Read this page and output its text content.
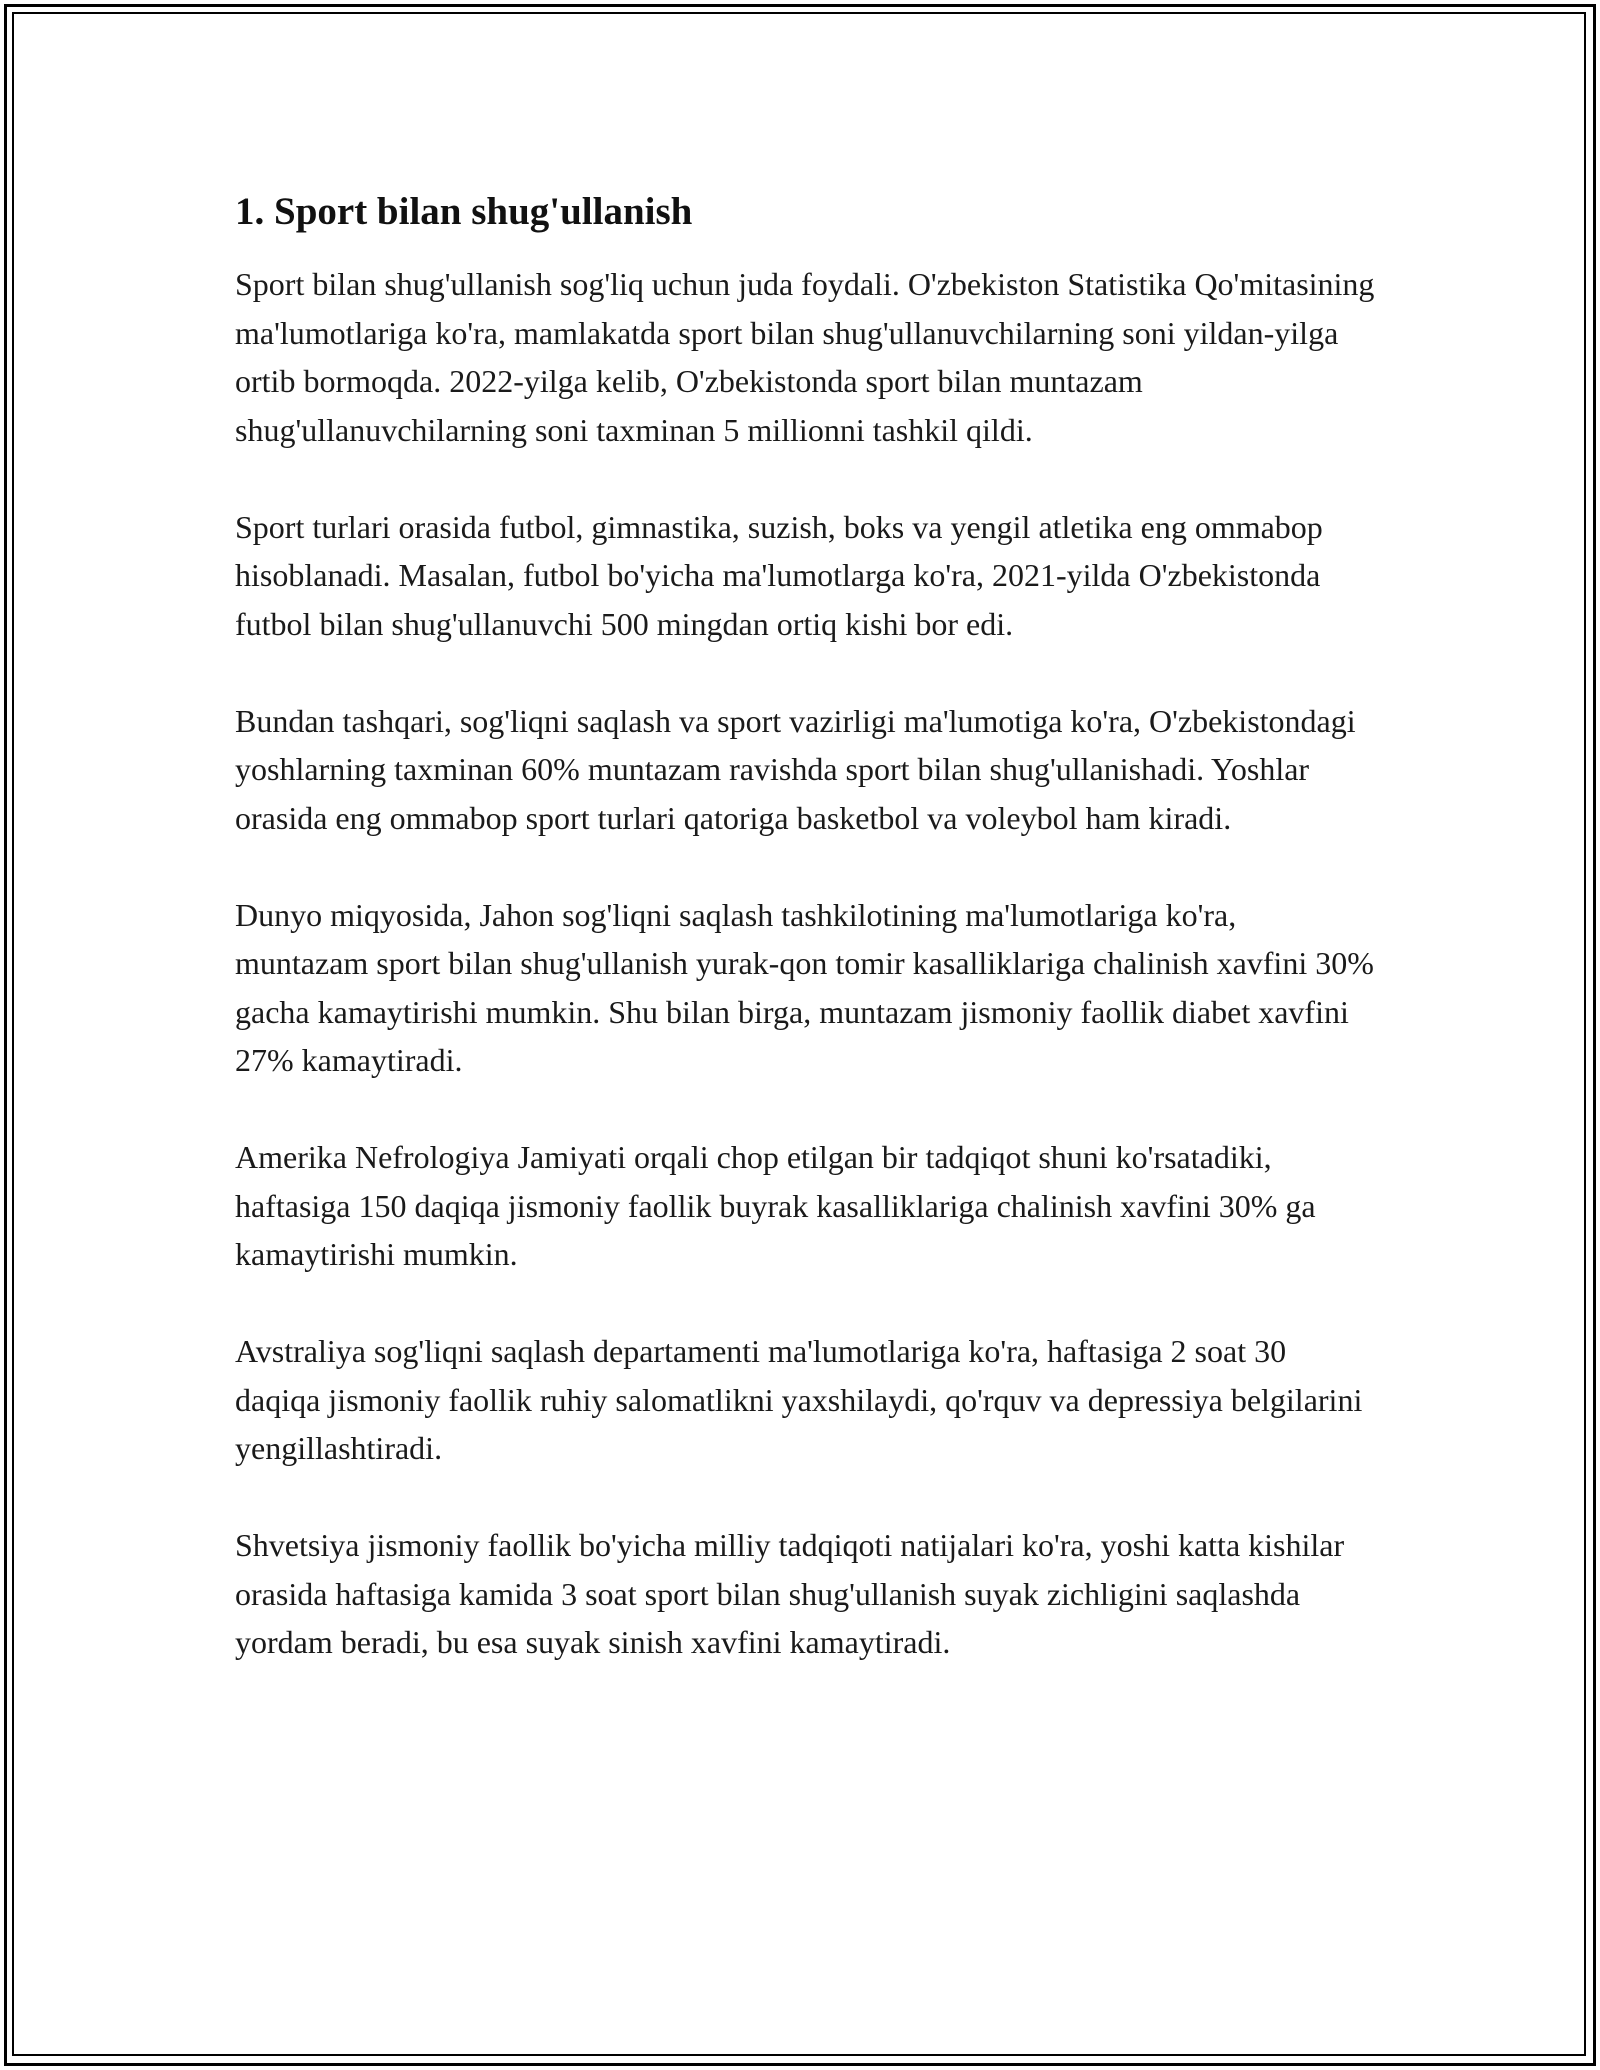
1. Sport bilan shug'ullanish

Sport bilan shug'ullanish sog'liq uchun juda foydali. O'zbekiston Statistika Qo'mitasining ma'lumotlariga ko'ra, mamlakatda sport bilan shug'ullanuvchilarning soni yildan-yilga ortib bormoqda. 2022-yilga kelib, O'zbekistonda sport bilan muntazam shug'ullanuvchilarning soni taxminan 5 millionni tashkil qildi.

Sport turlari orasida futbol, gimnastika, suzish, boks va yengil atletika eng ommabop hisoblanadi. Masalan, futbol bo'yicha ma'lumotlarga ko'ra, 2021-yilda O'zbekistonda futbol bilan shug'ullanuvchi 500 mingdan ortiq kishi bor edi.

Bundan tashqari, sog'liqni saqlash va sport vazirligi ma'lumotiga ko'ra, O'zbekistondagi yoshlarning taxminan 60% muntazam ravishda sport bilan shug'ullanishadi. Yoshlar orasida eng ommabop sport turlari qatoriga basketbol va voleybol ham kiradi.

Dunyo miqyosida, Jahon sog'liqni saqlash tashkilotining ma'lumotlariga ko'ra, muntazam sport bilan shug'ullanish yurak-qon tomir kasalliklariga chalinish xavfini 30% gacha kamaytirishi mumkin. Shu bilan birga, muntazam jismoniy faollik diabet xavfini 27% kamaytiradi.

Amerika Nefrologiya Jamiyati orqali chop etilgan bir tadqiqot shuni ko'rsatadiki, haftasiga 150 daqiqa jismoniy faollik buyrak kasalliklariga chalinish xavfini 30% ga kamaytirishi mumkin.

Avstraliya sog'liqni saqlash departamenti ma'lumotlariga ko'ra, haftasiga 2 soat 30 daqiqa jismoniy faollik ruhiy salomatlikni yaxshilaydi, qo'rquv va depressiya belgilarini yengillashtiradi.

Shvetsiya jismoniy faollik bo'yicha milliy tadqiqoti natijalari ko'ra, yoshi katta kishilar orasida haftasiga kamida 3 soat sport bilan shug'ullanish suyak zichligini saqlashda yordam beradi, bu esa suyak sinish xavfini kamaytiradi.
